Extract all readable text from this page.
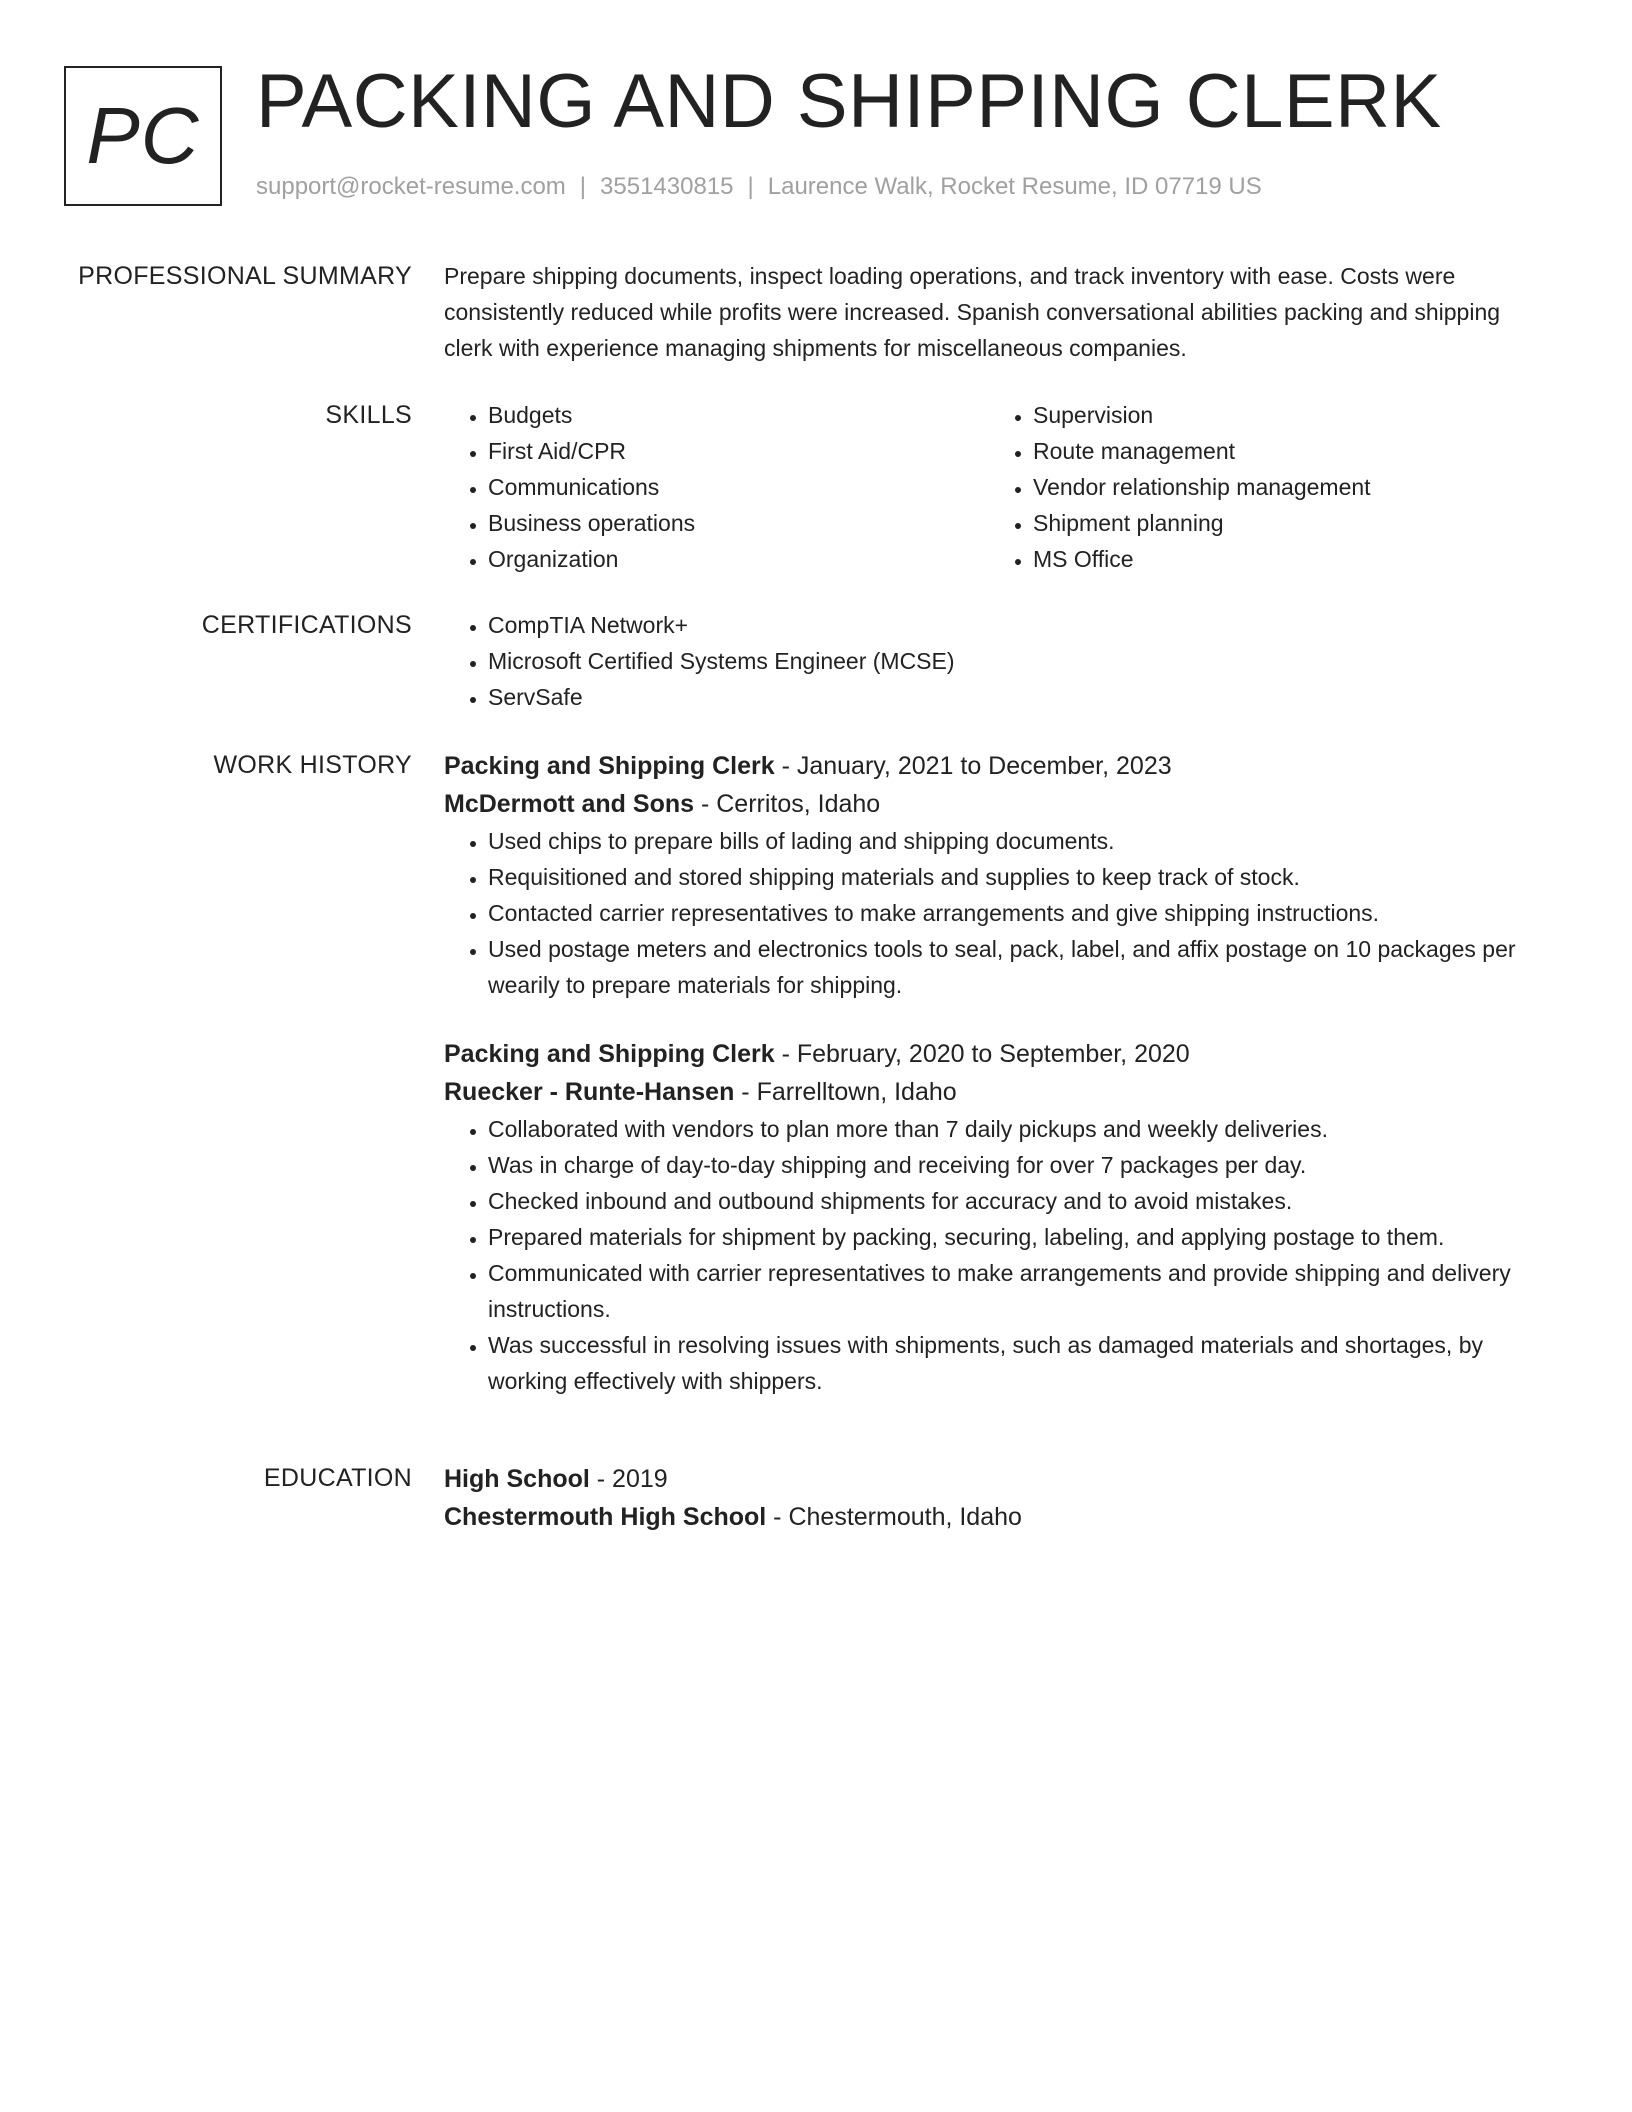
PC PACKING AND SHIPPING CLERK
support@rocket-resume.com | 3551430815 | Laurence Walk, Rocket Resume, ID 07719 US
PROFESSIONAL SUMMARY Prepare shipping documents, inspect loading operations, and track inventory with ease. Costs were consistently reduced while profits were increased. Spanish conversational abilities packing and shipping clerk with experience managing shipments for miscellaneous companies.

SKILLS	• Budgets
• First Aid/CPR
• Communications
• Business operations
• Organization
• Supervision
• Route management
• Vendor relationship management
• Shipment planning
• MS Office
CERTIFICATIONS	• CompTIA Network+
• Microsoft Certified Systems Engineer (MCSE)
• ServSafe
WORK HISTORY Packing and Shipping Clerk - January, 2021 to December, 2023
McDermott and Sons - Cerritos, Idaho
• Used chips to prepare bills of lading and shipping documents.
• Requisitioned and stored shipping materials and supplies to keep track of stock.
• Contacted carrier representatives to make arrangements and give shipping instructions.
• Used postage meters and electronics tools to seal, pack, label, and affix postage on 10 packages per wearily to prepare materials for shipping.
Packing and Shipping Clerk - February, 2020 to September, 2020
Ruecker - Runte-Hansen - Farrelltown, Idaho
• Collaborated with vendors to plan more than 7 daily pickups and weekly deliveries.
• Was in charge of day-to-day shipping and receiving for over 7 packages per day.
• Checked inbound and outbound shipments for accuracy and to avoid mistakes.
• Prepared materials for shipment by packing, securing, labeling, and applying postage to them.
• Communicated with carrier representatives to make arrangements and provide shipping and delivery instructions.
• Was successful in resolving issues with shipments, such as damaged materials and shortages, by working effectively with shippers.
EDUCATION High School - 2019
Chestermouth High School - Chestermouth, Idaho
